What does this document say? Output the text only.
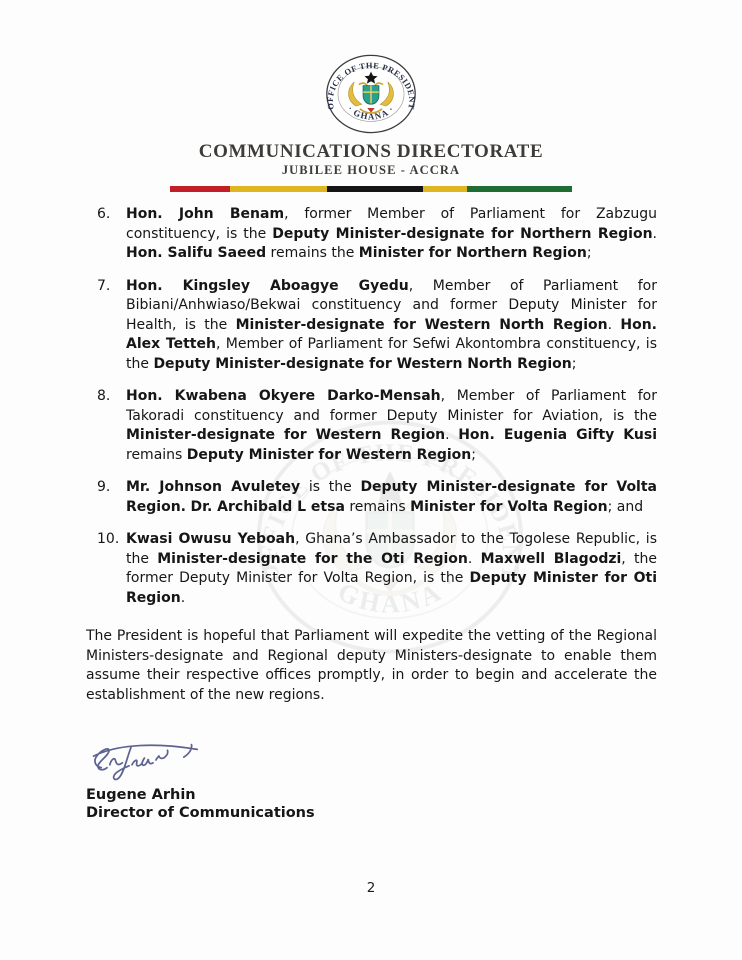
COMMUNICATIONS DIRECTORATE
JUBILEE HOUSE - ACCRA
6.	Hon. John Benam, former Member of Parliament for Zabzugu constituency, is the Deputy Minister-designate for Northern Region. Hon. Salifu Saeed remains the Minister for Northern Region;
7.	Hon. Kingsley Aboagye Gyedu, Member of Parliament for Bibiani/Anhwiaso/Bekwai constituency and former Deputy Minister for Health, is the Minister-designate for Western North Region. Hon. Alex Tetteh, Member of Parliament for Sefwi Akontombra constituency, is the Deputy Minister-designate for Western North Region;
8.	Hon. Kwabena Okyere Darko-Mensah, Member of Parliament for Takoradi constituency and former Deputy Minister for Aviation, is the Minister-designate for Western Region. Hon. Eugenia Gifty Kusi remains Deputy Minister for Western Region;
9.	Mr. Johnson Avuletey is the Deputy Minister-designate for Volta Region. Dr. Archibald L etsa remains Minister for Volta Region; and
10. Kwasi Owusu Yeboah, Ghana’s Ambassador to the Togolese Republic, is the Minister-designate for the Oti Region. Maxwell Blagodzi, the former Deputy Minister for Volta Region, is the Deputy Minister for Oti Region.
The President is hopeful that Parliament will expedite the vetting of the Regional Ministers-designate and Regional deputy Ministers-designate to enable them assume their respective offices promptly, in order to begin and accelerate the establishment of the new regions.
Eugene Arhin
Director of Communications
2
